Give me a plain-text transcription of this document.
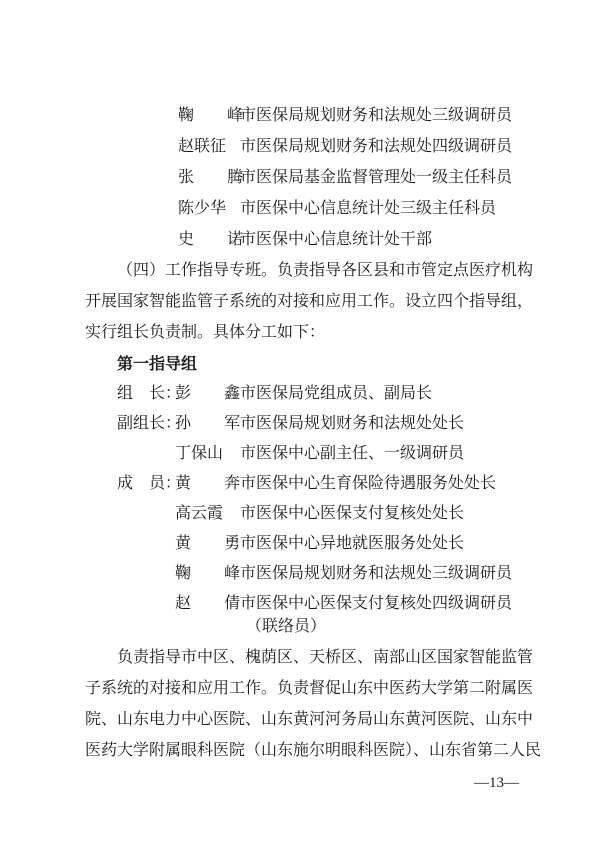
鞠 峰
市医保局规划财务和法规处三级调研员
赵联征 市医保局规划财务和法规处四级调研员
张 腾
市医保局基金监督管理处一级主任科员
陈少华 市医保中心信息统计处三级主任科员
史 诺
市医保中心信息统计处干部
（四）工作指导专班。负责指导各区县和市管定点医疗机构
开展国家智能监管子系统的对接和应用工作。设立四个指导组，
实行组长负责制。具体分工如下：
第一指导组
组　长：
彭 鑫
市医保局党组成员、副局长
副组长：
孙 军
市医保局规划财务和法规处处长
丁保山	市医保中心副主任、一级调研员
成　员：
黄 奔
市医保中心生育保险待遇服务处处长
高云霞	市医保中心医保支付复核处处长
黄 勇
市医保中心异地就医服务处处长
鞠 峰
市医保局规划财务和法规处三级调研员
赵 倩
市医保中心医保支付复核处四级调研员
（联络员）
负责指导市中区、槐荫区、天桥区、南部山区国家智能监管
子系统的对接和应用工作。负责督促山东中医药大学第二附属医
院、山东电力中心医院、山东黄河河务局山东黄河医院、山东中
医药大学附属眼科医院（山东施尔明眼科医院）、山东省第二人民
—13—
